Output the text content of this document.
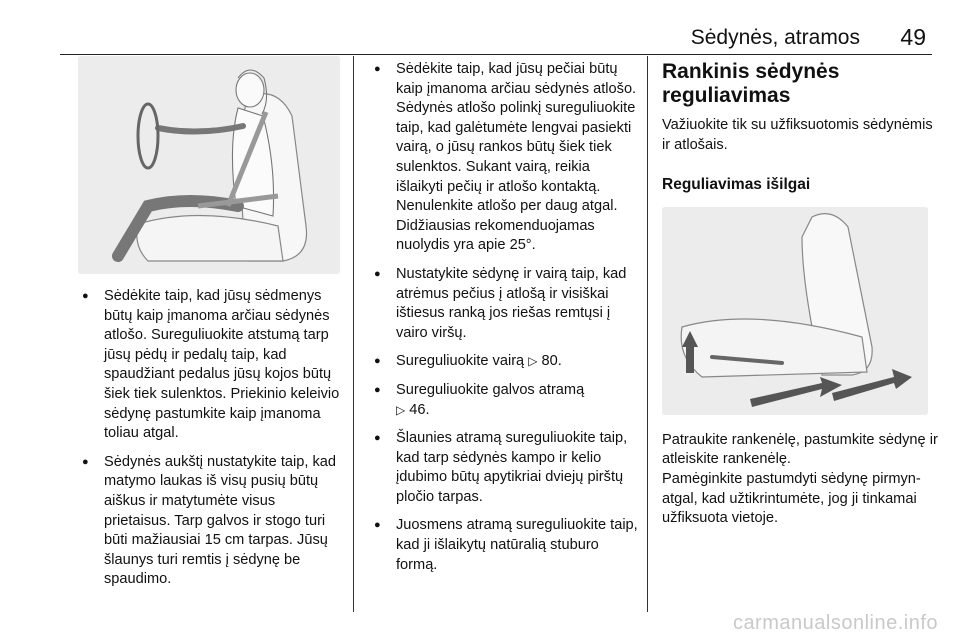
Sėdynės, atramos 49
● Sėdėkite taip, kad jūsų sėdmenys būtų kaip įmanoma arčiau sėdynės atlošo. Sureguliuokite atstumą tarp jūsų pėdų ir pedalų taip, kad spaudžiant pedalus jūsų kojos būtų šiek tiek sulenktos. Priekinio keleivio sėdynę pastumkite kaip įmanoma toliau atgal.
● Sėdynės aukštį nustatykite taip, kad matymo laukas iš visų pusių būtų aiškus ir matytumėte visus prietaisus. Tarp galvos ir stogo turi būti mažiausiai 15 cm tarpas. Jūsų šlaunys turi remtis į sėdynę be spaudimo.
● Sėdėkite taip, kad jūsų pečiai būtų kaip įmanoma arčiau sėdynės atlošo. Sėdynės atlošo polinkį sureguliuokite taip, kad galėtumėte lengvai pasiekti vairą, o jūsų rankos būtų šiek tiek sulenktos. Sukant vairą, reikia išlaikyti pečių ir atlošo kontaktą. Nenulenkite atlošo per daug atgal. Didžiausias rekomenduojamas nuolydis yra apie 25°.
● Nustatykite sėdynę ir vairą taip, kad atrėmus pečius į atlošą ir visiškai ištiesus ranką jos riešas remtųsi į vairo viršų.
● Sureguliuokite vairą ▷ 80.
● Sureguliuokite galvos atramą
▷ 46.
● Šlaunies atramą sureguliuokite taip, kad tarp sėdynės kampo ir kelio įdubimo būtų apytikriai dviejų pirštų pločio tarpas.
● Juosmens atramą sureguliuokite taip, kad ji išlaikytų natūralią stuburo formą.
Rankinis sėdynės reguliavimas

Važiuokite tik su užfiksuotomis sėdynėmis ir atlošais.

Reguliavimas išilgai

Patraukite rankenėlę, pastumkite sėdynę ir atleiskite rankenėlę.

Pamėginkite pastumdyti sėdynę pirmyn-atgal, kad užtikrintumėte, jog ji tinkamai užfiksuota vietoje.

carmanualsonline.info
